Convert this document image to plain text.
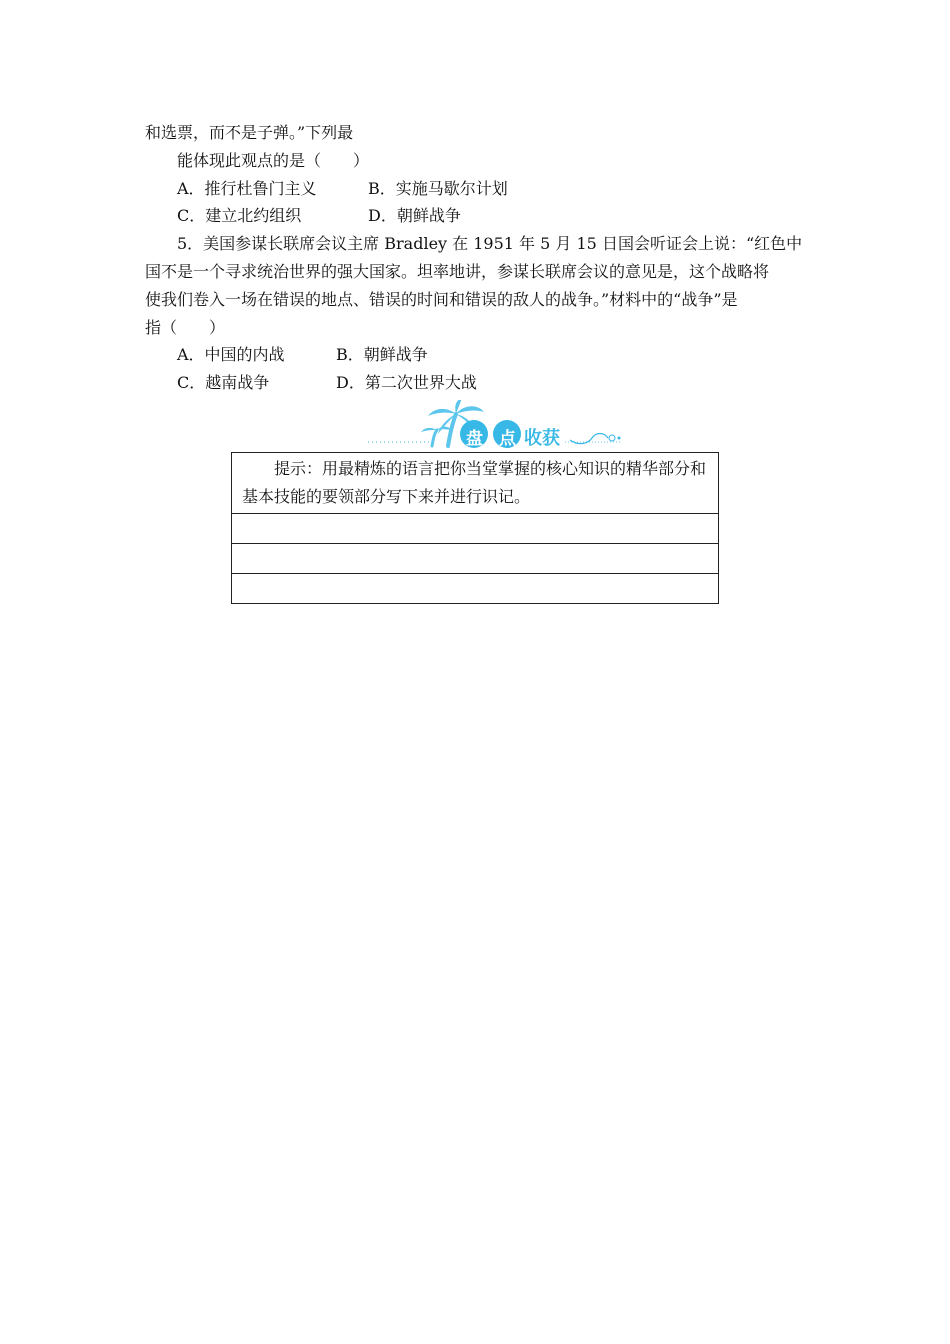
和选票，而不是子弹。”下列最
能体现此观点的是（　　）
A．推行杜鲁门主义	B．实施马歇尔计划
C．建立北约组织	D．朝鲜战争
5．美国参谋长联席会议主席 Bradley 在 1951 年 5 月 15 日国会听证会上说：“红色中
国不是一个寻求统治世界的强大国家。坦率地讲，参谋长联席会议的意见是，这个战略将
使我们卷入一场在错误的地点、错误的时间和错误的敌人的战争。”材料中的“战争”是
指（　　）
A．中国的内战	B．朝鲜战争
C．越南战争	D．第二次世界大战
盘 点 收获
提示：用最精炼的语言把你当堂掌握的核心知识的精华部分和基本技能的要领部分写下来并进行识记。
